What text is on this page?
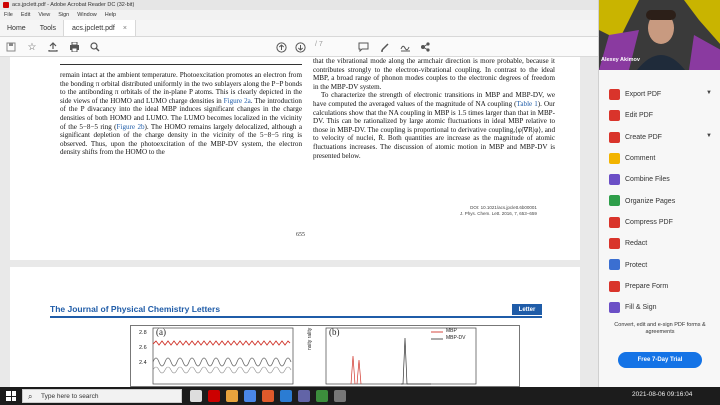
acs.jpclett.pdf - Adobe Acrobat Reader DC (32-bit)
File Edit View Sign Window Help
Home	Tools	acs.jpclett.pdf ×
☆	/ 7

remain intact at the ambient temperature. Photoexcitation promotes an electron from the bonding π orbital distributed uniformly in the two sublayers along the P−P bonds to the antibonding π orbitals of the in-plane P atoms. This is clearly depicted in the side views of the HOMO and LUMO charge densities in Figure 2a. The introduction of the P divacancy into the ideal MBP induces significant changes in the charge densities of both HOMO and LUMO. The LUMO becomes localized in the vicinity of the 5−8−5 ring (Figure 2b). The HOMO remains largely delocalized, although a significant depletion of the charge density in the vicinity of the 5−8−5 ring is observed. Thus, upon the photoexcitation of the MBP-DV system, the electron density shifts from the HOMO to the

that the vibrational mode along the armchair direction is more probable, because it contributes strongly to the electron-vibrational coupling. In contrast to the ideal MBP, a broad range of phonon modes couples to the electronic degrees of freedom in the MBP-DV system.

To characterize the strength of electronic transitions in MBP and MBP-DV, we have computed the averaged values of the magnitude of NA coupling (Table 1). Our calculations show that the NA coupling in MBP is 1.5 times larger than that in MBP-DV. This can be rationalized by large atomic fluctuations in ideal MBP relative to those in MBP-DV. The coupling is proportional to derivative coupling,⟨φ|∇R|φ⟩, and to velocity of nuclei, Ṙ. Both quantities are increase as the magnitude of atomic fluctuations increases. The discussion of atomic motion in MBP and MBP-DV is presented below.

DOI: 10.1021/acs.jpclett.6b00001
J. Phys. Chem. Lett. 2016, 7, 653−659
655
The Journal of Physical Chemistry Letters	Letter
(a)	(b)
2.8
2.6
2.4
MBP
MBP-DV
nsity rality
Alexey Akimov
Export PDF	▼
Edit PDF
Create PDF	▼
Comment
Combine Files
Organize Pages
Compress PDF
Redact
Protect
Prepare Form
Fill & Sign
Convert, edit and e-sign PDF forms & agreements
Free 7-Day Trial
⌕ Type here to search	2021-08-06 09:16:04
